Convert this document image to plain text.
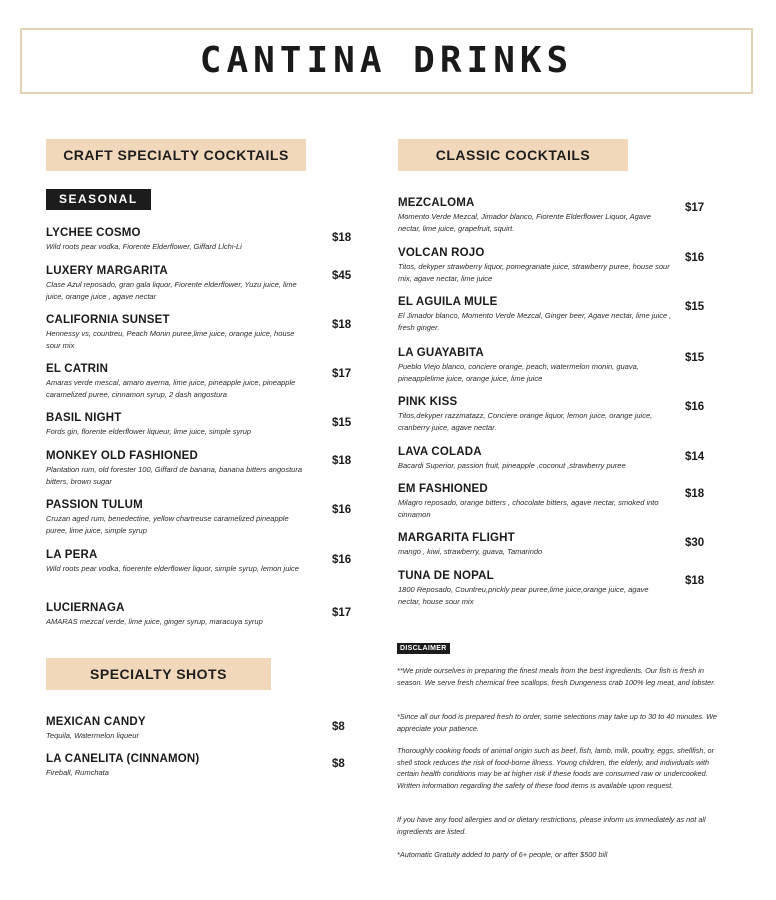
CANTINA DRINKS
CRAFT SPECIALTY COCKTAILS
SEASONAL
LYCHEE COSMO
Wild roots pear vodka, Fiorente Elderflower, Giffard Llchi-Li
$18
LUXERY MARGARITA
Clase Azul reposado, gran gala liquor, Fiorente elderflower, Yuzu juice, lime juice, orange juice , agave nectar
$45
CALIFORNIA SUNSET
Hennessy vs, countreu, Peach Monin puree,lime juice, orange juice, house sour mix
$18
EL CATRIN
Amaras verde mescal, amaro averna, lime juice, pineapple juice, pineapple caramelized puree, cinnamon syrup, 2 dash angostura
$17
BASIL NIGHT
Fords gin, florente elderflower liqueur, lime juice, simple syrup
$15
MONKEY OLD FASHIONED
Plantation rum, old forester 100, Giffard de banana, banana bitters angostura bitters, brown sugar
$18
PASSION TULUM
Cruzan aged rum, benedectine, yellow chartreuse caramelized pineapple puree, lime juice, simple syrup
$16
LA PERA
Wild roots pear vodka, fioerente elderflower liquor, simple syrup, lemon juice
$16
LUCIERNAGA
AMARAS mezcal verde, lime juice, ginger syrup, maracuya syrup
$17
SPECIALTY SHOTS
MEXICAN CANDY
Tequila, Watermelon liqueur
$8
LA CANELITA (CINNAMON)
Fireball, Rumchata
$8
CLASSIC COCKTAILS
MEZCALOMA
Momento Verde Mezcal, Jimador blanco, Fiorente Elderflower Liquor, Agave nectar, lime juice, grapefruit, squirt.
$17
VOLCAN ROJO
Titos, dekyper strawberry liquor, pomegranate juice, strawberry puree, house sour mix, agave nectar, lime juice
$16
EL AGUILA MULE
El Jimador blanco, Momento Verde Mezcal, Ginger beer, Agave nectar, lime juice , fresh ginger.
$15
LA GUAYABITA
Pueblo Viejo blanco, conciere orange, peach, watermelon monin, guava, pineapplelime juice, orange juice, lime juice
$15
PINK KISS
Titos,dekyper razzmatazz, Conciere orange liquor, lemon juice, orange juice, cranberry juice, agave nectar.
$16
LAVA COLADA
Bacardi Superior, passion fruit, pineapple ,coconut ,strawberry puree
$14
EM FASHIONED
Milagro reposado, orange bitters , chocolate bitters, agave nectar, smoked into cinnamon
$18
MARGARITA FLIGHT
mango , kiwi, strawberry, guava, Tamarindo
$30
TUNA DE NOPAL
1800 Reposado, Countreu,prickly pear puree,lime juice,orange juice, agave nectar, house sour mix
$18
DISCLAIMER

**We pride ourselves in preparing the finest meals from the best ingredients. Our fish is fresh in season. We serve fresh chemical free scallops, fresh Dungeness crab 100% leg meat, and lobster.

*Since all our food is prepared fresh to order, some selections may take up to 30 to 40 minutes. We appreciate your patience.

Thoroughly cooking foods of animal origin such as beef, fish, lamb, milk, poultry, eggs, shellfish, or shell stock reduces the risk of food-borne illness. Young children, the elderly, and individuals with certain health conditions may be at higher risk if these foods are consumed raw or undercooked. Written information regarding the safety of these food items is available upon request.

If you have any food allergies and or dietary restrictions, please inform us immediately as not all ingredients are listed.

*Automatic Gratuity added to party of 6+ people, or after $500 bill
